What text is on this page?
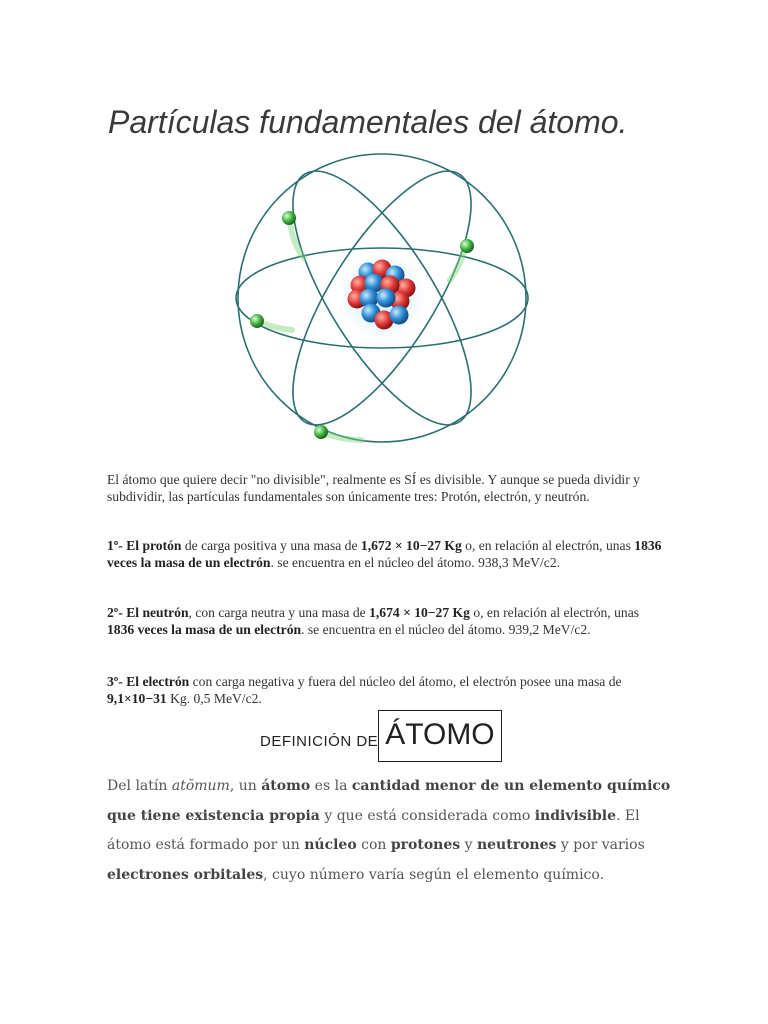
Partículas fundamentales del átomo.

El átomo que quiere decir "no divisible", realmente es SÍ es divisible. Y aunque se pueda dividir y subdividir, las partículas fundamentales son únicamente tres: Protón, electrón, y neutrón.

1º- El protón de carga positiva y una masa de 1,672 × 10−27 Kg o, en relación al electrón, unas 1836 veces la masa de un electrón. se encuentra en el núcleo del átomo. 938,3 MeV/c2.

2º- El neutrón, con carga neutra y una masa de 1,674 × 10−27 Kg o, en relación al electrón, unas 1836 veces la masa de un electrón. se encuentra en el núcleo del átomo. 939,2 MeV/c2.

3º- El electrón con carga negativa y fuera del núcleo del átomo, el electrón posee una masa de 9,1×10−31 Kg. 0,5 MeV/c2.

DEFINICIÓN DE ÁTOMO

Del latín atŏmum, un átomo es la cantidad menor de un elemento químico que tiene existencia propia y que está considerada como indivisible. El átomo está formado por un núcleo con protones y neutrones y por varios electrones orbitales, cuyo número varía según el elemento químico.
